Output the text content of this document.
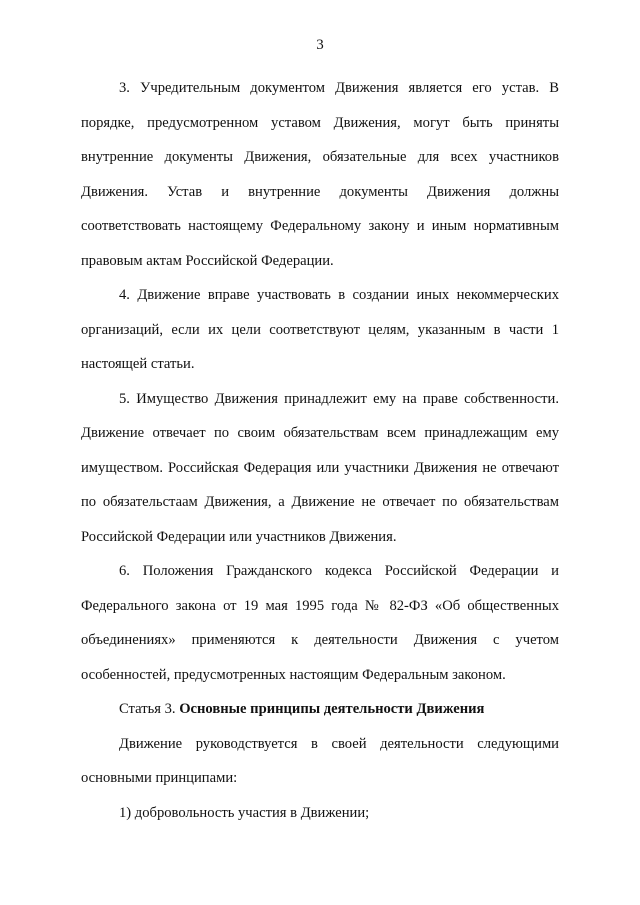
3

3. Учредительным документом Движения является его устав. В порядке, предусмотренном уставом Движения, могут быть приняты внутренние документы Движения, обязательные для всех участников Движения. Устав и внутренние документы Движения должны соответствовать настоящему Федеральному закону и иным нормативным правовым актам Российской Федерации.

4. Движение вправе участвовать в создании иных некоммерческих организаций, если их цели соответствуют целям, указанным в части 1 настоящей статьи.

5. Имущество Движения принадлежит ему на праве собственности. Движение отвечает по своим обязательствам всем принадлежащим ему имуществом. Российская Федерация или участники Движения не отвечают по обязательстаам Движения, а Движение не отвечает по обязательствам Российской Федерации или участников Движения.

6. Положения Гражданского кодекса Российской Федерации и Федерального закона от 19 мая 1995 года № 82-ФЗ «Об общественных объединениях» применяются к деятельности Движения с учетом особенностей, предусмотренных настоящим Федеральным законом.

Статья 3. Основные принципы деятельности Движения

Движение руководствуется в своей деятельности следующими основными принципами:

1) добровольность участия в Движении;
